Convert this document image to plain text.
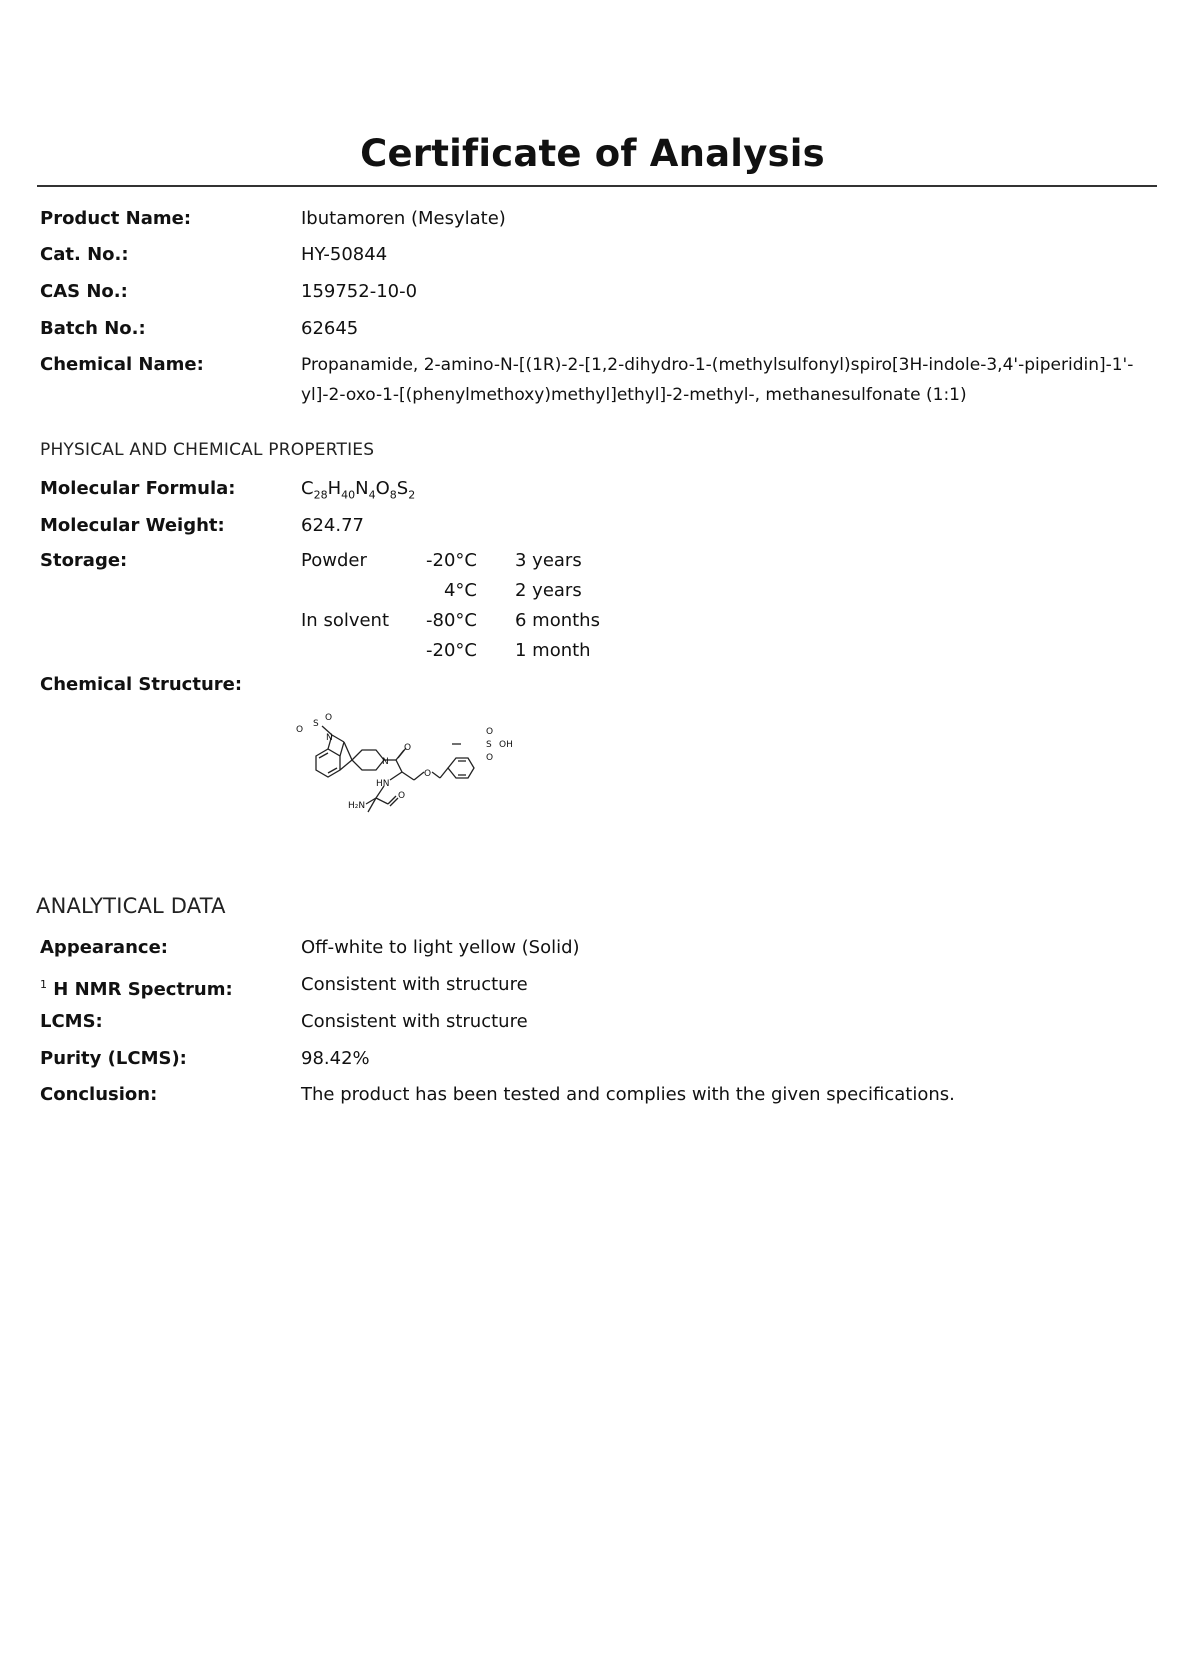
Certificate of Analysis
Product Name:	Ibutamoren (Mesylate)
Cat. No.:	HY-50844
CAS No.:	159752-10-0
Batch No.:	62645
Chemical Name:	Propanamide, 2-amino-N-[(1R)-2-[1,2-dihydro-1-(methylsulfonyl)spiro[3H-indole-3,4'-piperidin]-1'-
yl]-2-oxo-1-[(phenylmethoxy)methyl]ethyl]-2-methyl-, methanesulfonate (1:1)
PHYSICAL AND CHEMICAL PROPERTIES
Molecular Formula:	$C_{28}H_{40}N_4O_8S_2$
Molecular Weight:	624.77
Storage:	Powder	-20°C 3 years
4°C 2 years
In solvent	-80°C 6 months
-20°C 1 month
Chemical Structure:
O
S
O
N
N
O
O
HN
H₂N
O
O
S OH
O
ANALYTICAL DATA
Appearance:	Off-white to light yellow (Solid)
$^1$ H NMR Spectrum:	Consistent with structure
LCMS:	Consistent with structure
Purity (LCMS):	98.42%
Conclusion:	The product has been tested and complies with the given specifications.
